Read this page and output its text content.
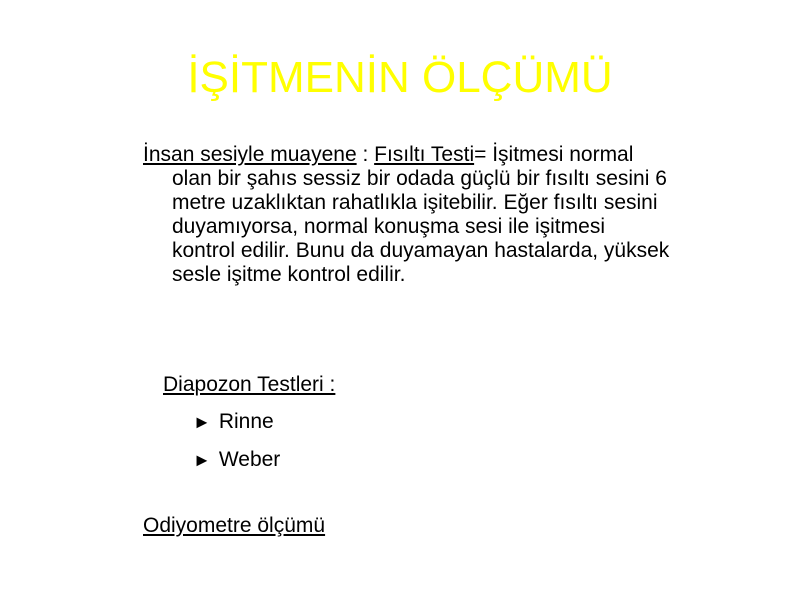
İŞİTMENİN ÖLÇÜMÜ

İnsan sesiyle muayene : Fısıltı Testi= İşitmesi normal olan bir şahıs sessiz bir odada güçlü bir fısıltı sesini 6 metre uzaklıktan rahatlıkla işitebilir. Eğer fısıltı sesini duyamıyorsa, normal konuşma sesi ile işitmesi kontrol edilir. Bunu da duyamayan hastalarda, yüksek sesle işitme kontrol edilir.

Diapozon Testleri :

► Rinne

► Weber

Odiyometre ölçümü
